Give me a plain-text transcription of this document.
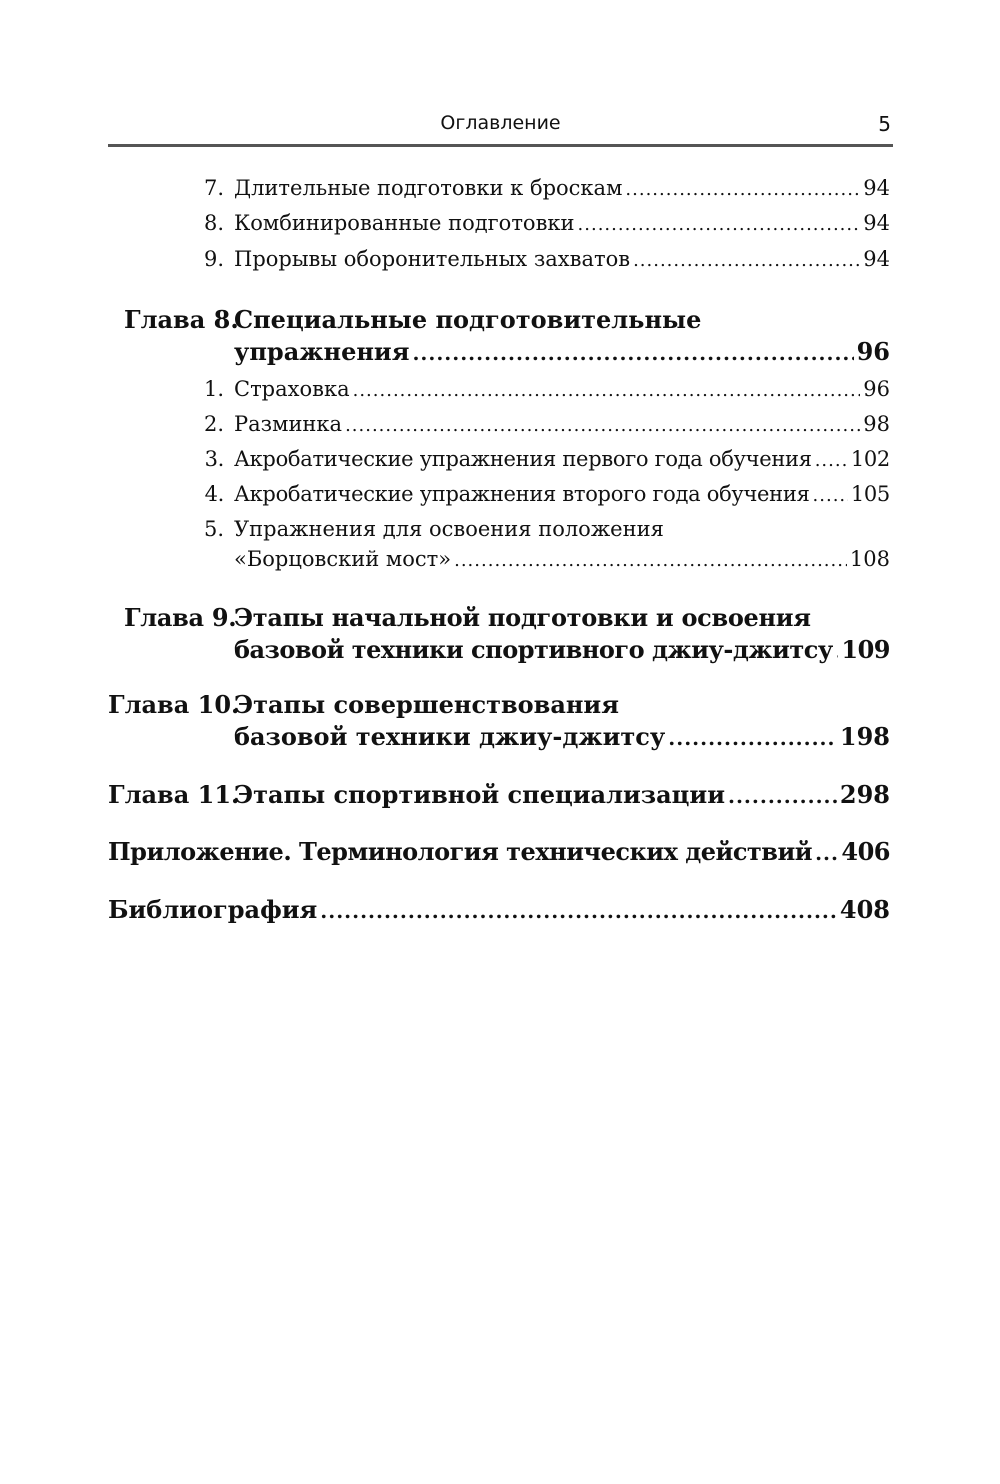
Оглавление	5
7. Длительные подготовки к броскам .....	94
8. Комбинированные подготовки .....	94
9. Прорывы оборонительных захватов .....	94
Глава 8.
Специальные подготовительные
упражнения .....	96
1. Страховка .....	96
2. Разминка .....	98
3. Акробатические упражнения первого года обучения ..... 102
4. Акробатические упражнения второго года обучения ..... 105
5. Упражнения для освоения положения
«Борцовский мост» .....	108
Глава 9.
Этапы начальной подготовки и освоения
базовой техники спортивного джиу-джитсу ..... 109
Глава 10.
Этапы совершенствования
базовой техники джиу-джитсу .....	198
Глава 11.
Этапы спортивной специализации .....	298
Приложение. Терминология технических действий ..... 406
Библиография .....	408
